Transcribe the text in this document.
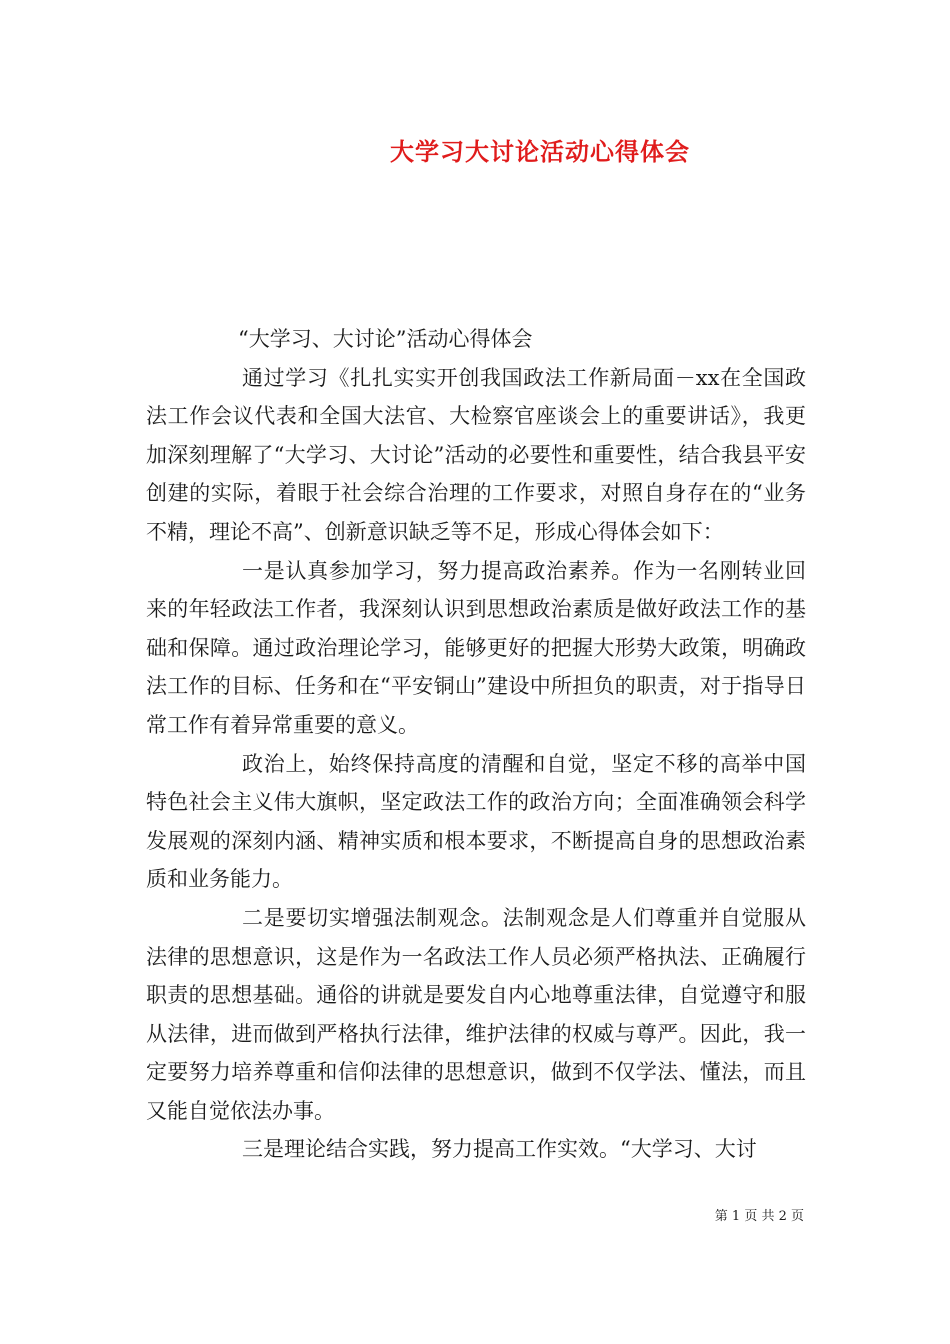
大学习大讨论活动心得体会

“大学习、大讨论”活动心得体会

通过学习《扎扎实实开创我国政法工作新局面－xx在全国政法工作会议代表和全国大法官、大检察官座谈会上的重要讲话》，我更加深刻理解了“大学习、大讨论”活动的必要性和重要性，结合我县平安创建的实际，着眼于社会综合治理的工作要求，对照自身存在的“业务不精，理论不高”、创新意识缺乏等不足，形成心得体会如下：

一是认真参加学习，努力提高政治素养。作为一名刚转业回来的年轻政法工作者，我深刻认识到思想政治素质是做好政法工作的基础和保障。通过政治理论学习，能够更好的把握大形势大政策，明确政法工作的目标、任务和在“平安铜山”建设中所担负的职责，对于指导日常工作有着异常重要的意义。

政治上，始终保持高度的清醒和自觉，坚定不移的高举中国特色社会主义伟大旗帜，坚定政法工作的政治方向；全面准确领会科学发展观的深刻内涵、精神实质和根本要求，不断提高自身的思想政治素质和业务能力。

二是要切实增强法制观念。法制观念是人们尊重并自觉服从法律的思想意识，这是作为一名政法工作人员必须严格执法、正确履行职责的思想基础。通俗的讲就是要发自内心地尊重法律，自觉遵守和服从法律，进而做到严格执行法律，维护法律的权威与尊严。因此，我一定要努力培养尊重和信仰法律的思想意识，做到不仅学法、懂法，而且又能自觉依法办事。

三是理论结合实践，努力提高工作实效。“大学习、大讨

第 1 页 共 2 页
